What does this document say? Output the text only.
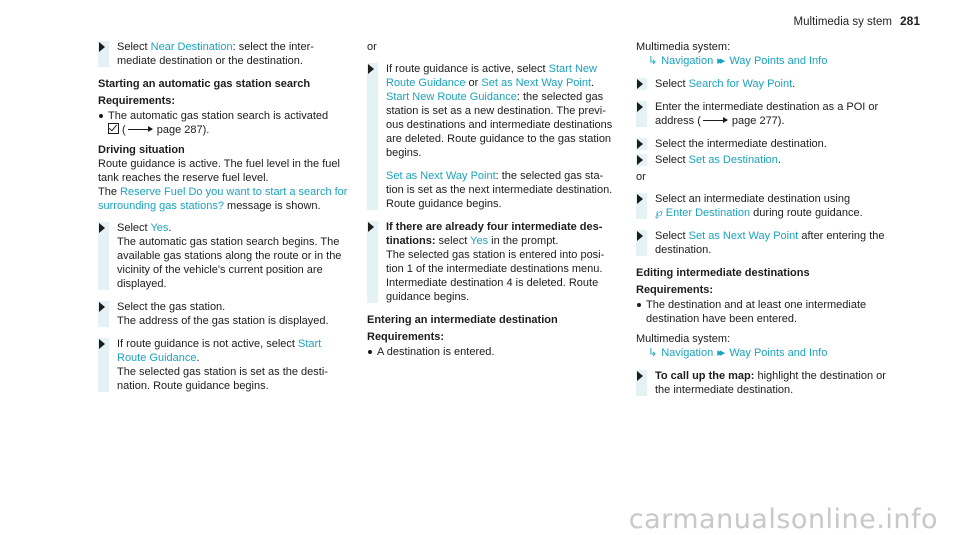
Multimedia sy stem 281

Select Near Destination: select the intermediate destination or the destination.

Starting an automatic gas station search

Requirements:

The automatic gas station search is activated
(	page 287).

Driving situation

Route guidance is active. The fuel level in the fuel tank reaches the reserve fuel level.

The Reserve Fuel Do you want to start a search for surrounding gas stations? message is shown.

Select Yes.

The automatic gas station search begins. The available gas stations along the route or in the vicinity of the vehicle's current position are displayed.

Select the gas station.

The address of the gas station is displayed.

If route guidance is not active, select Start Route Guidance.

The selected gas station is set as the destination. Route guidance begins.

or

If route guidance is active, select Start New Route Guidance or Set as Next Way Point.
Start New Route Guidance: the selected gas station is set as a new destination. The previous destinations and intermediate destinations are deleted. Route guidance to the gas station begins.

Set as Next Way Point: the selected gas station is set as the next intermediate destination. Route guidance begins.

If there are already four intermediate destinations: select Yes in the prompt.

The selected gas station is entered into position 1 of the intermediate destinations menu. Intermediate destination 4 is deleted. Route guidance begins.

Entering an intermediate destination

Requirements:

A destination is entered.

Multimedia system:

↳ Navigation ▸▸ Way Points and Info

Select Search for Way Point.

Enter the intermediate destination as a POI or address (	page 277).

Select the intermediate destination.

Select Set as Destination.

or

Select an intermediate destination using
℘ Enter Destination during route guidance.

Select Set as Next Way Point after entering the destination.

Editing intermediate destinations

Requirements:

The destination and at least one intermediate destination have been entered.

Multimedia system:

↳ Navigation ▸▸ Way Points and Info

To call up the map: highlight the destination or the intermediate destination.

carmanualsonline.info
